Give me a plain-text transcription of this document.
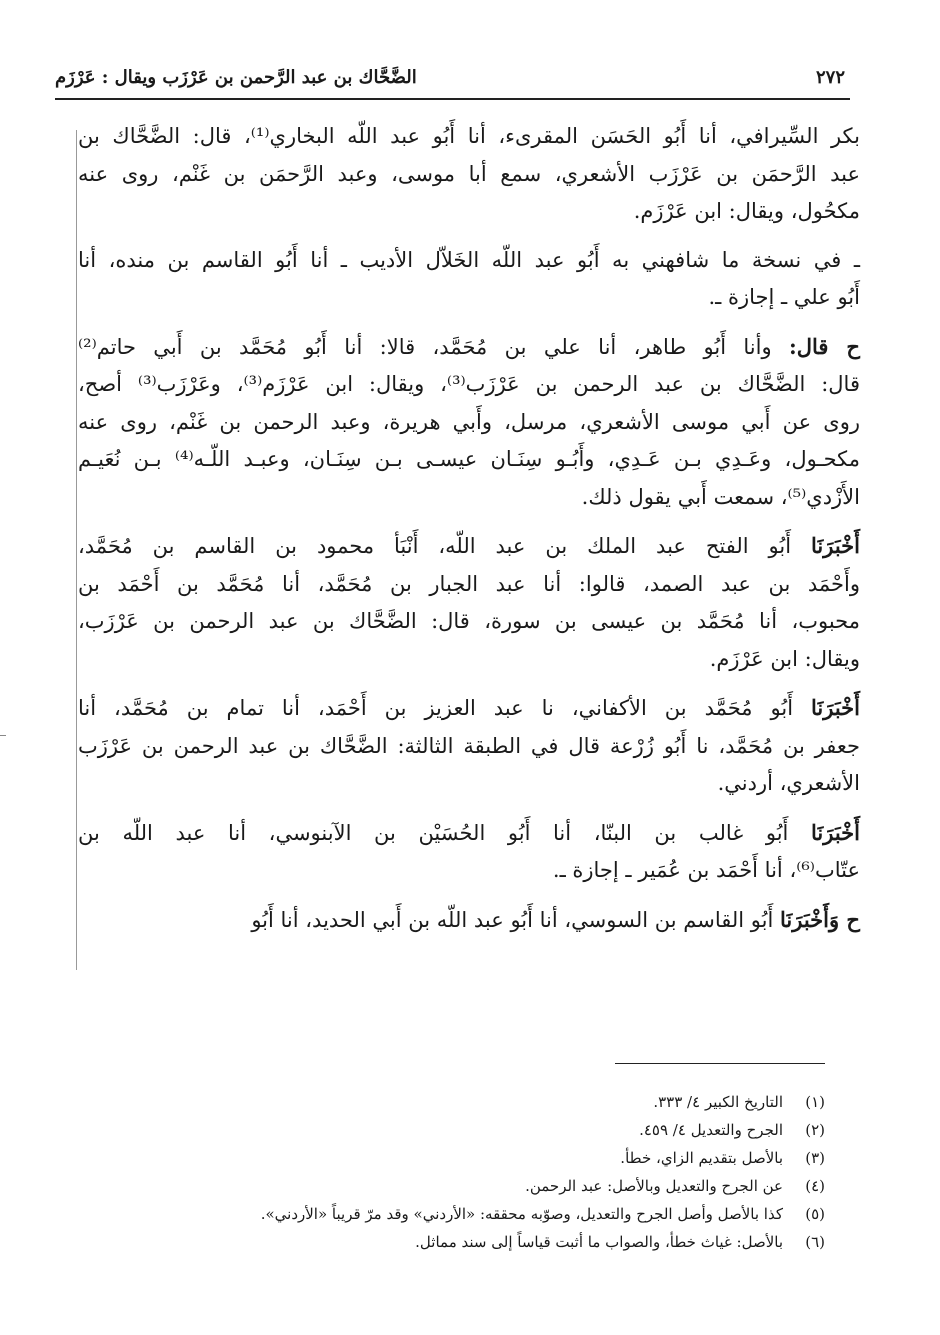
٢٧٢
الضَّحَّاك بن عبد الرَّحمن بن عَرْزَب ويقال : عَرْزَم
بكر السِّيرافي، أنا أَبُو الحَسَن المقرىء، أنا أَبُو عبد اللّه البخاري⁽¹⁾، قال: الضَّحَّاك بن
عبد الرَّحمَن بن عَرْزَب الأشعري، سمع أبا موسى، وعبد الرَّحمَن بن غَنْم، روى عنه
مكحُول، ويقال: ابن عَرْزَم.
ـ في نسخة ما شافهني به أَبُو عبد اللّه الخَلاّل الأديب ـ أنا أَبُو القاسم بن منده، أنا
أَبُو علي ـ إجازة ـ.
ح قال: وأنا أَبُو طاهر، أنا علي بن مُحَمَّد، قالا: أنا أَبُو مُحَمَّد بن أَبي حاتم⁽²⁾
قال: الضَّحَّاك بن عبد الرحمن بن عَرْزَب⁽³⁾، ويقال: ابن عَرْزَم⁽³⁾، وعَرْزَب⁽³⁾ أصح،
روى عن أَبي موسى الأشعري، مرسل، وأَبي هريرة، وعبد الرحمن بن غَنْم، روى عنه
مكحـول، وعَـدِي بـن عَـدِي، وأَبُـو سِنَـان عيسـى بـن سِنَـان، وعبـد اللّـه⁽⁴⁾ بـن نُعَيـم
الأَزْدي⁽⁵⁾، سمعت أَبي يقول ذلك.
أَخْبَرَنَا أَبُو الفتح عبد الملك بن عبد اللّه، أَنْبَأ محمود بن القاسم بن مُحَمَّد،
وأَحْمَد بن عبد الصمد، قالوا: أنا عبد الجبار بن مُحَمَّد، أنا مُحَمَّد بن أَحْمَد بن
محبوب، أنا مُحَمَّد بن عيسى بن سورة، قال: الضَّحَّاك بن عبد الرحمن بن عَرْزَب،
ويقال: ابن عَرْزَم.
أَخْبَرَنَا أَبُو مُحَمَّد بن الأكفاني، نا عبد العزيز بن أَحْمَد، أنا تمام بن مُحَمَّد، أنا
جعفر بن مُحَمَّد، نا أَبُو زُرْعة قال في الطبقة الثالثة: الضَّحَّاك بن عبد الرحمن بن عَرْزَب
الأشعري، أردني.
أَخْبَرَنَا أَبُو غالب بن البنّا، أنا أَبُو الحُسَيْن بن الآبنوسي، أنا عبد اللّه بن
عتّاب⁽⁶⁾، أنا أَحْمَد بن عُمَير ـ إجازة ـ.
ح وَأَخْبَرَنَا أَبُو القاسم بن السوسي، أنا أَبُو عبد اللّه بن أَبي الحديد، أنا أَبُو
(١)
التاريخ الكبير ٤/ ٣٣٣.
(٢)
الجرح والتعديل ٤/ ٤٥٩.
(٣)
بالأصل بتقديم الزاي، خطأ.
(٤)
عن الجرح والتعديل وبالأصل: عبد الرحمن.
(٥)
كذا بالأصل وأصل الجرح والتعديل، وصوّبه محققه: «الأردني» وقد مرّ قريباً «الأردني».
(٦)
بالأصل: غياث خطأ، والصواب ما أثبت قياساً إلى سند مماثل.
